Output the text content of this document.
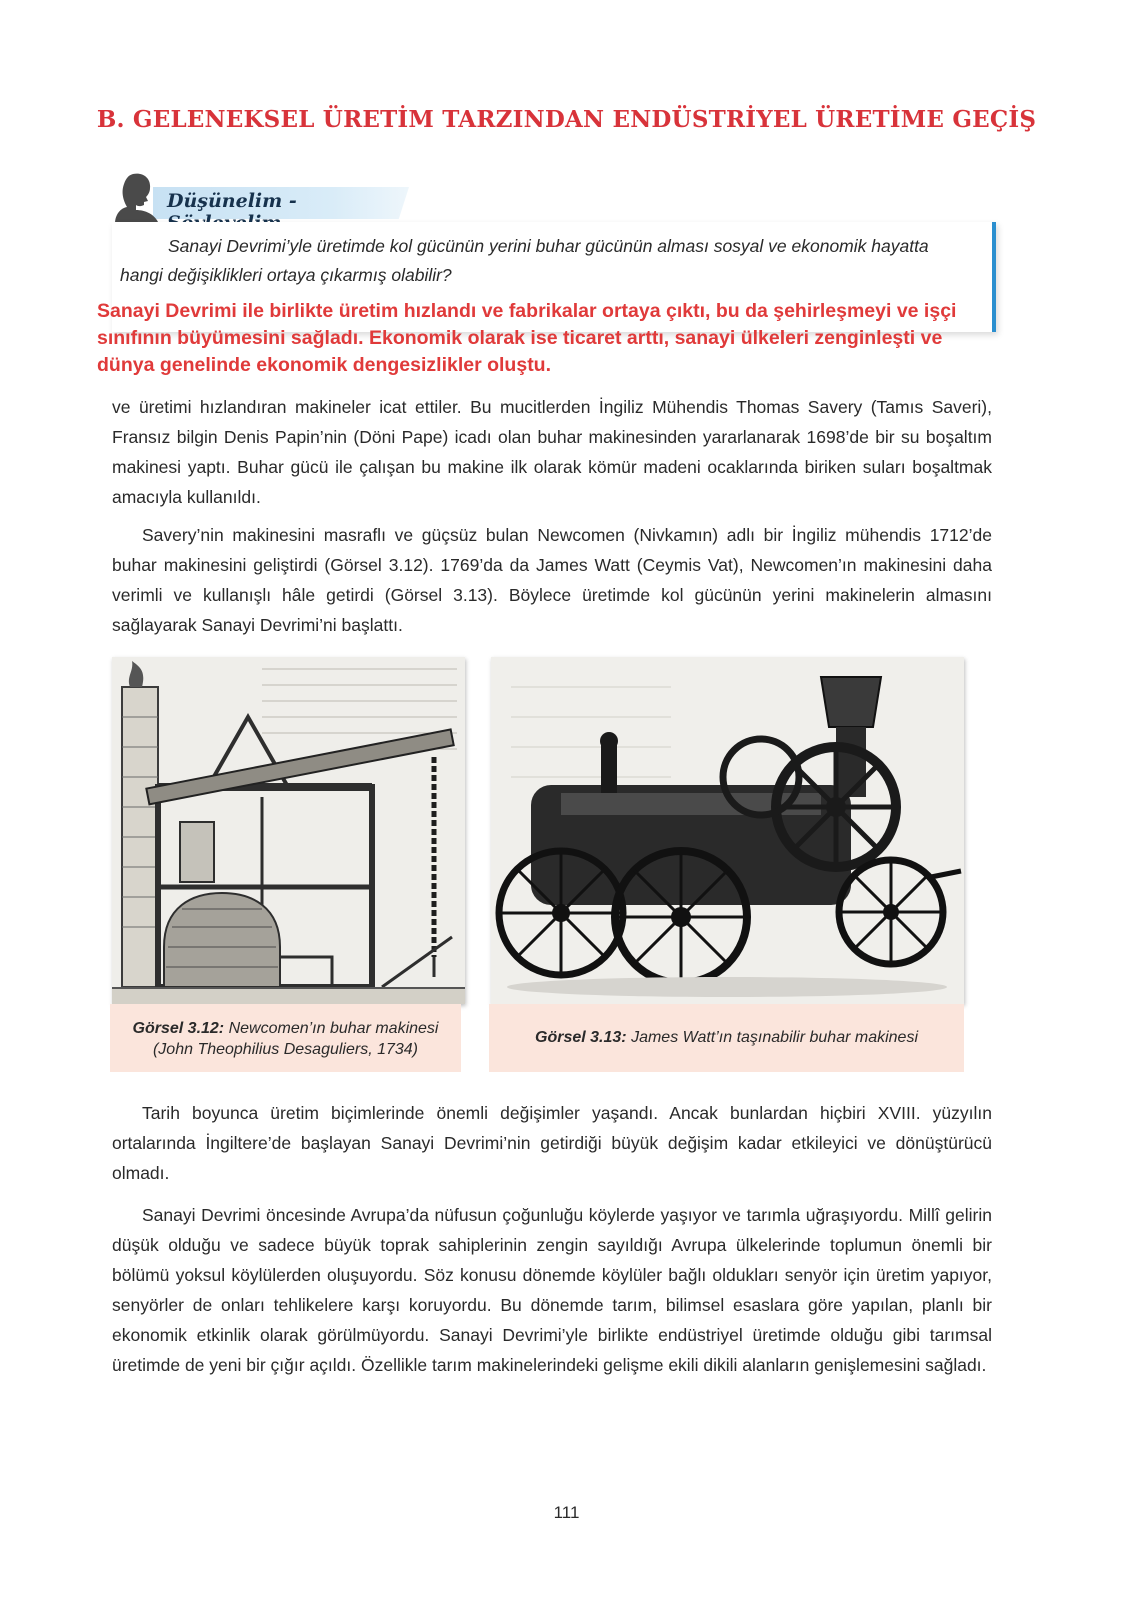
B. GELENEKSEL ÜRETİM TARZINDAN ENDÜSTRİYEL ÜRETİME GEÇİŞ
Düşünelim -
Sanayi Devrimi’yle üretimde kol gücünün yerini buhar gücünün alması sosyal ve ekonomik hayatta hangi değişiklikleri ortaya çıkarmış olabilir?
Sanayi Devrimi ile birlikte üretim hızlandı ve fabrikalar ortaya çıktı, bu da şehirleşmeyi ve işçi sınıfının büyümesini sağladı. Ekonomik olarak ise ticaret arttı, sanayi ülkeleri zenginleşti ve dünya genelinde ekonomik dengesizlikler oluştu.
ve üretimi hızlandıran makineler icat ettiler. Bu mucitlerden İngiliz Mühendis Thomas Savery (Tamıs Saveri), Fransız bilgin Denis Papin’nin (Döni Pape) icadı olan buhar makinesinden yararlanarak 1698’de bir su boşaltım makinesi yaptı. Buhar gücü ile çalışan bu makine ilk olarak kömür madeni ocaklarında biriken suları boşaltmak amacıyla kullanıldı.
Savery’nin makinesini masraflı ve güçsüz bulan Newcomen (Nivkamın) adlı bir İngiliz mühendis 1712’de buhar makinesini geliştirdi (Görsel 3.12). 1769’da da James Watt (Ceymis Vat), Newcomen’ın makinesini daha verimli ve kullanışlı hâle getirdi (Görsel 3.13). Böylece üretimde kol gücünün yerini makinelerin almasını sağlayarak Sanayi Devrimi’ni başlattı.
Görsel 3.12: Newcomen’ın buhar makinesi
(John Theophilius Desaguliers, 1734)
Görsel 3.13: James Watt’ın taşınabilir buhar makinesi
Tarih boyunca üretim biçimlerinde önemli değişimler yaşandı. Ancak bunlardan hiçbiri XVIII. yüzyılın ortalarında İngiltere’de başlayan Sanayi Devrimi’nin getirdiği büyük değişim kadar etkileyici ve dönüştürücü olmadı.
Sanayi Devrimi öncesinde Avrupa’da nüfusun çoğunluğu köylerde yaşıyor ve tarımla uğraşıyordu. Millî gelirin düşük olduğu ve sadece büyük toprak sahiplerinin zengin sayıldığı Avrupa ülkelerinde toplumun önemli bir bölümü yoksul köylülerden oluşuyordu. Söz konusu dönemde köylüler bağlı oldukları senyör için üretim yapıyor, senyörler de onları tehlikelere karşı koruyordu. Bu dönemde tarım, bilimsel esaslara göre yapılan, planlı bir ekonomik etkinlik olarak görülmüyordu. Sanayi Devrimi’yle birlikte endüstriyel üretimde olduğu gibi tarımsal üretimde de yeni bir çığır açıldı. Özellikle tarım makinelerindeki gelişme ekili dikili alanların genişlemesini sağladı.
111
